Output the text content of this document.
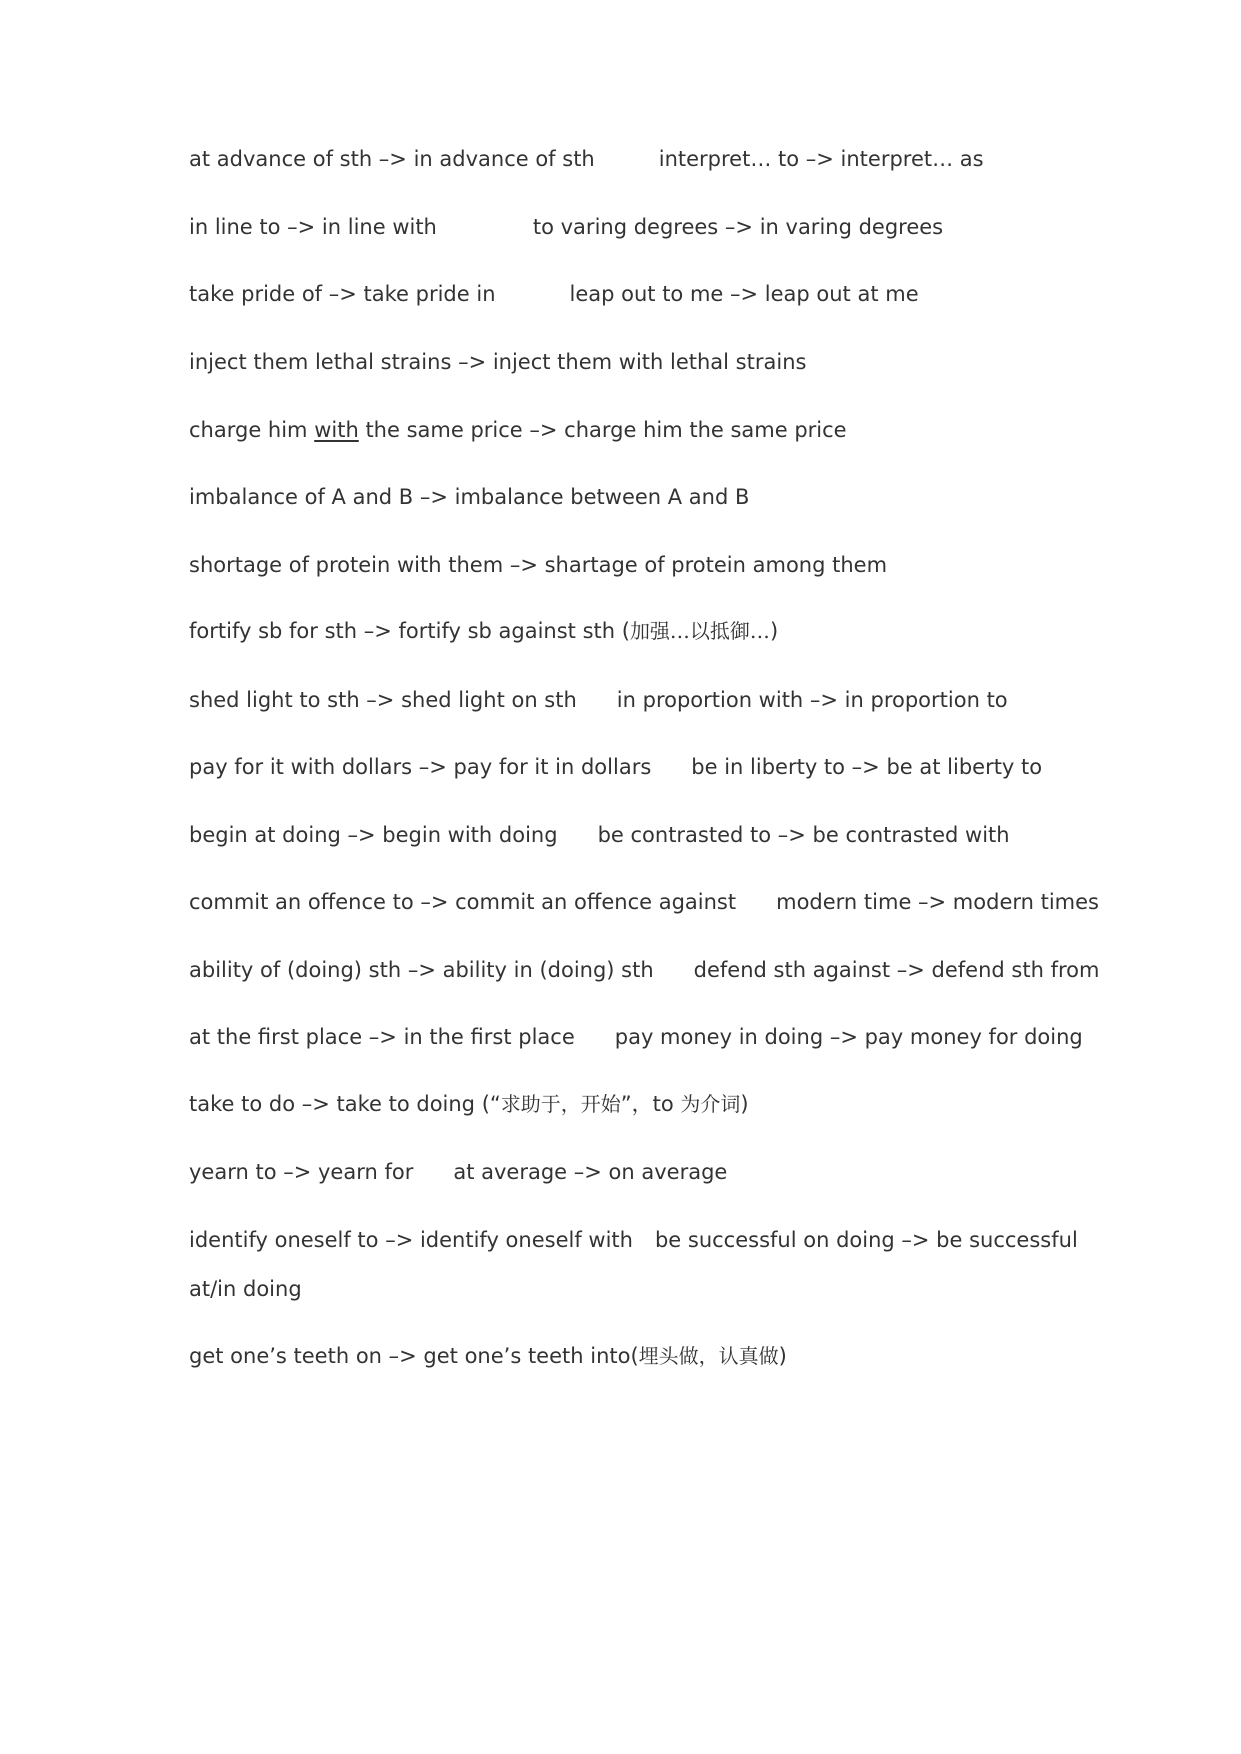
at advance of sth –> in advance of sth	interpret… to –> interpret… as
in line to –> in line with	to varing degrees –> in varing degrees
take pride of –> take pride in	leap out to me –> leap out at me
inject them lethal strains –> inject them with lethal strains
charge him with the same price –> charge him the same price
imbalance of A and B –> imbalance between A and B
shortage of protein with them –> shartage of protein among them
fortify sb for sth –> fortify sb against sth (加强…以抵御…)
shed light to sth –> shed light on sth in proportion with –> in proportion to
pay for it with dollars –> pay for it in dollars be in liberty to –> be at liberty to
begin at doing –> begin with doing be contrasted to –> be contrasted with
commit an offence to –> commit an offence against modern time –> modern times
ability of (doing) sth –> ability in (doing) sth defend sth against –> defend sth from
at the first place –> in the first place pay money in doing –> pay money for doing
take to do –> take to doing (“求助于，开始”，to 为介词)
yearn to –> yearn for at average –> on average
identify oneself to –> identify oneself with be successful on doing –> be successful
at/in doing
get one’s teeth on –> get one’s teeth into(埋头做，认真做)
